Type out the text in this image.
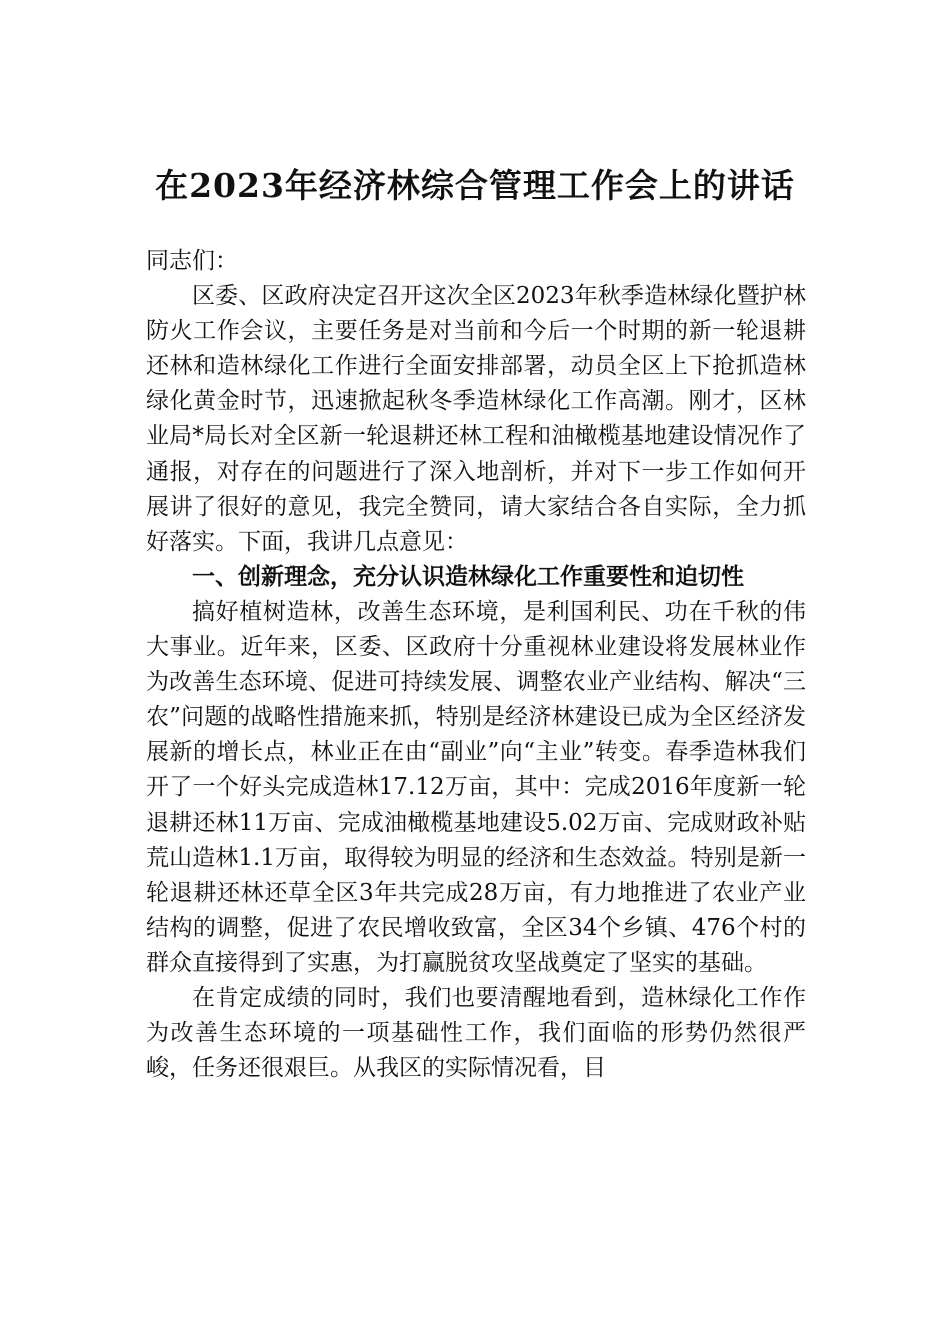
在2023年经济林综合管理工作会上的讲话

同志们：

区委、区政府决定召开这次全区2023年秋季造林绿化暨护林防火工作会议，主要任务是对当前和今后一个时期的新一轮退耕还林和造林绿化工作进行全面安排部署，动员全区上下抢抓造林绿化黄金时节，迅速掀起秋冬季造林绿化工作高潮。刚才，区林业局*局长对全区新一轮退耕还林工程和油橄榄基地建设情况作了通报，对存在的问题进行了深入地剖析，并对下一步工作如何开展讲了很好的意见，我完全赞同，请大家结合各自实际，全力抓好落实。下面，我讲几点意见：

一、创新理念，充分认识造林绿化工作重要性和迫切性

搞好植树造林，改善生态环境，是利国利民、功在千秋的伟大事业。近年来，区委、区政府十分重视林业建设将发展林业作为改善生态环境、促进可持续发展、调整农业产业结构、解决“三农”问题的战略性措施来抓，特别是经济林建设已成为全区经济发展新的增长点，林业正在由“副业”向“主业”转变。春季造林我们开了一个好头完成造林17.12万亩，其中：完成2016年度新一轮退耕还林11万亩、完成油橄榄基地建设5.02万亩、完成财政补贴荒山造林1.1万亩，取得较为明显的经济和生态效益。特别是新一轮退耕还林还草全区3年共完成28万亩，有力地推进了农业产业结构的调整，促进了农民增收致富，全区34个乡镇、476个村的群众直接得到了实惠，为打赢脱贫攻坚战奠定了坚实的基础。

在肯定成绩的同时，我们也要清醒地看到，造林绿化工作作为改善生态环境的一项基础性工作，我们面临的形势仍然很严峻，任务还很艰巨。从我区的实际情况看，目
